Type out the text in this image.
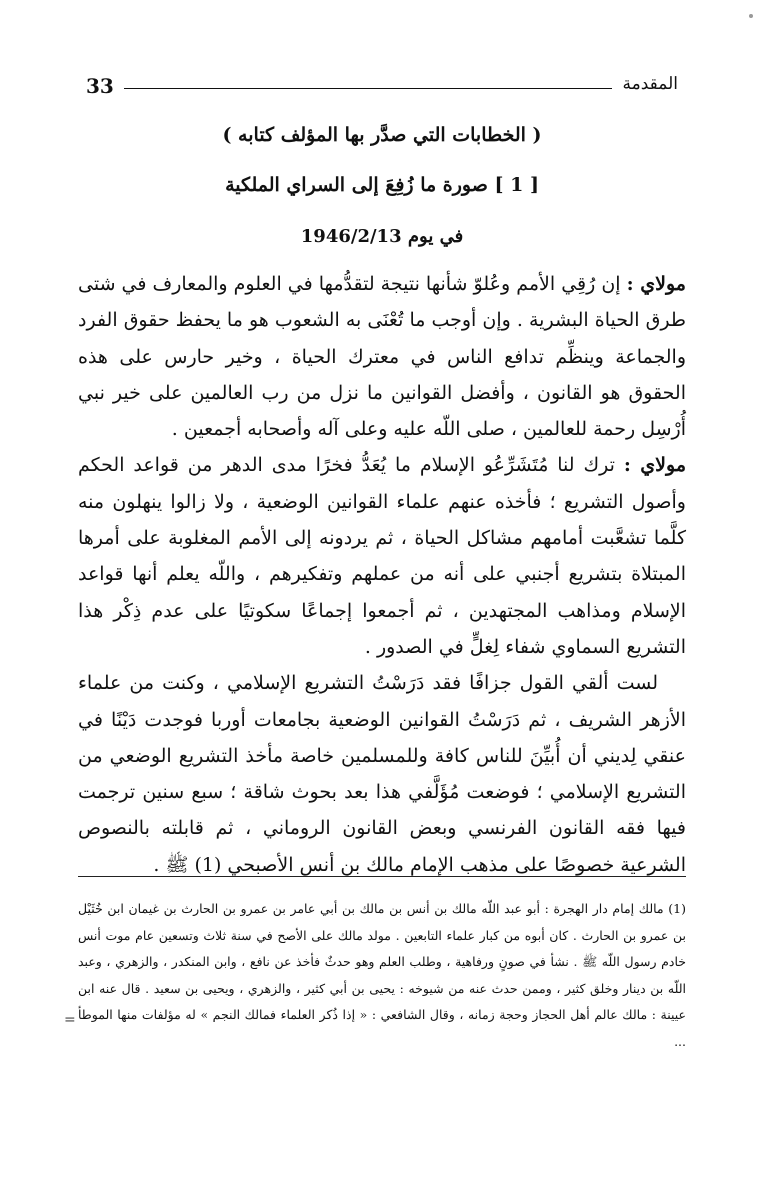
33	المقدمة
( الخطابات التي صدَّر بها المؤلف كتابه )
[ 1 ] صورة ما زُفِعَ إلى السراي الملكية
في يوم 1946/2/13

مولاي : إن رُقِي الأمم وعُلوّ شأنها نتيجة لتقدُّمها في العلوم والمعارف في شتى طرق الحياة البشرية . وإن أوجب ما تُعْنَى به الشعوب هو ما يحفظ حقوق الفرد والجماعة وينظِّم تدافع الناس في معترك الحياة ، وخير حارس على هذه الحقوق هو القانون ، وأفضل القوانين ما نزل من رب العالمين على خير نبي أُرْسِل رحمة للعالمين ، صلى اللّه عليه وعلى آله وأصحابه أجمعين .

مولاي : ترك لنا مُتَشَرِّعُو الإسلام ما يُعَدُّ فخرًا مدى الدهر من قواعد الحكم وأصول التشريع ؛ فأخذه عنهم علماء القوانين الوضعية ، ولا زالوا ينهلون منه كلَّما تشعَّبت أمامهم مشاكل الحياة ، ثم يردونه إلى الأمم المغلوبة على أمرها المبتلاة بتشريع أجنبي على أنه من عملهم وتفكيرهم ، واللّه يعلم أنها قواعد الإسلام ومذاهب المجتهدين ، ثم أجمعوا إجماعًا سكوتيًا على عدم ذِكْر هذا التشريع السماوي شفاء لِغلٍّ في الصدور .

لست ألقي القول جزافًا فقد دَرَسْتُ التشريع الإسلامي ، وكنت من علماء الأزهر الشريف ، ثم دَرَسْتُ القوانين الوضعية بجامعات أوربا فوجدت دَيْنًا في عنقي لِديني أن أُبيِّنَ للناس كافة وللمسلمين خاصة مأخذ التشريع الوضعي من التشريع الإسلامي ؛ فوضعت مُؤَلَّفي هذا بعد بحوث شاقة ؛ سبع سنين ترجمت فيها فقه القانون الفرنسي وبعض القانون الروماني ، ثم قابلته بالنصوص الشرعية خصوصًا على مذهب الإمام مالك بن أنس الأصبحي (1) ﷺ .

(1) مالك إمام دار الهجرة : أبو عبد اللّه مالك بن أنس بن مالك بن أبي عامر بن عمرو بن الحارث بن غيمان ابن خُثَيْل بن عمرو بن الحارث . كان أبوه من كبار علماء التابعين . مولد مالك على الأصح في سنة ثلاث وتسعين عام موت أنس خادم رسول اللّه ﷺ . نشأ في صونٍ ورفاهية ، وطلب العلم وهو حدثٌ فأخذ عن نافع ، وابن المنكدر ، والزهري ، وعبد اللّه بن دينار وخلق كثير ، وممن حدث عنه من شيوخه : يحيى بن أبي كثير ، والزهري ، ويحيى بن سعيد . قال عنه ابن عيينة : مالك عالم أهل الحجاز وحجة زمانه ، وقال الشافعي : « إذا ذُكر العلماء فمالك النجم » له مؤلفات منها الموطأ ...

=
